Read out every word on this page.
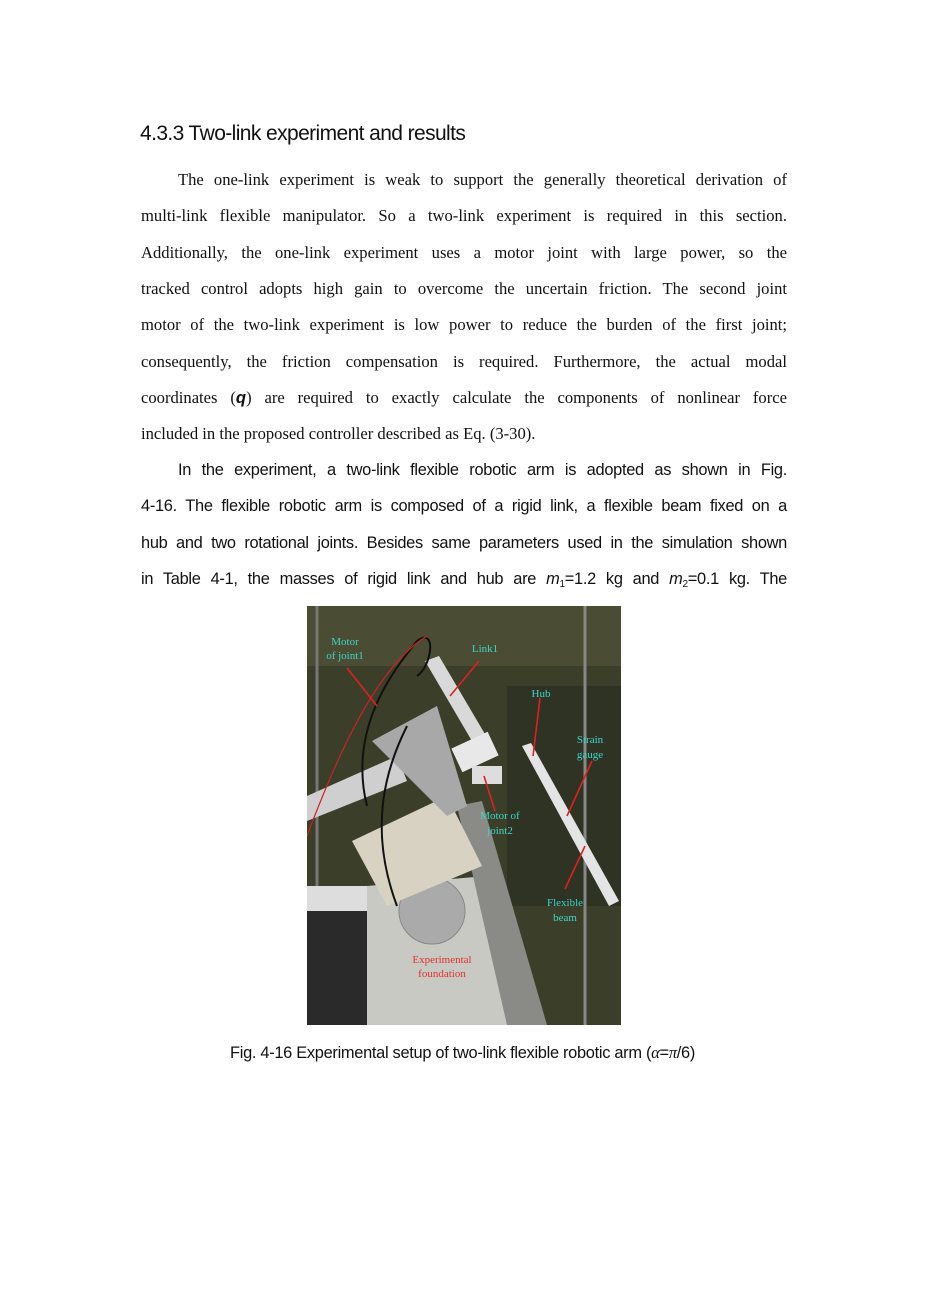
4.3.3 Two-link experiment and results
The one-link experiment is weak to support the generally theoretical derivation of
multi-link flexible manipulator. So a two-link experiment is required in this section.
Additionally, the one-link experiment uses a motor joint with large power, so the
tracked control adopts high gain to overcome the uncertain friction. The second joint
motor of the two-link experiment is low power to reduce the burden of the first joint;
consequently, the friction compensation is required. Furthermore, the actual modal
coordinates (q) are required to exactly calculate the components of nonlinear force
included in the proposed controller described as Eq. (3-30).
In the experiment, a two-link flexible robotic arm is adopted as shown in Fig.
4-16. The flexible robotic arm is composed of a rigid link, a flexible beam fixed on a
hub and two rotational joints. Besides same parameters used in the simulation shown
in Table 4-1, the masses of rigid link and hub are $m_1=1.2$ kg and $m_2=0.1$ kg. The
Motor
of joint1
Link1
Hub
Strain
gauge
Motor of
joint2
Flexible
beam
Experimental
foundation
Fig. 4-16 Experimental setup of two-link flexible robotic arm (α=π/6)
